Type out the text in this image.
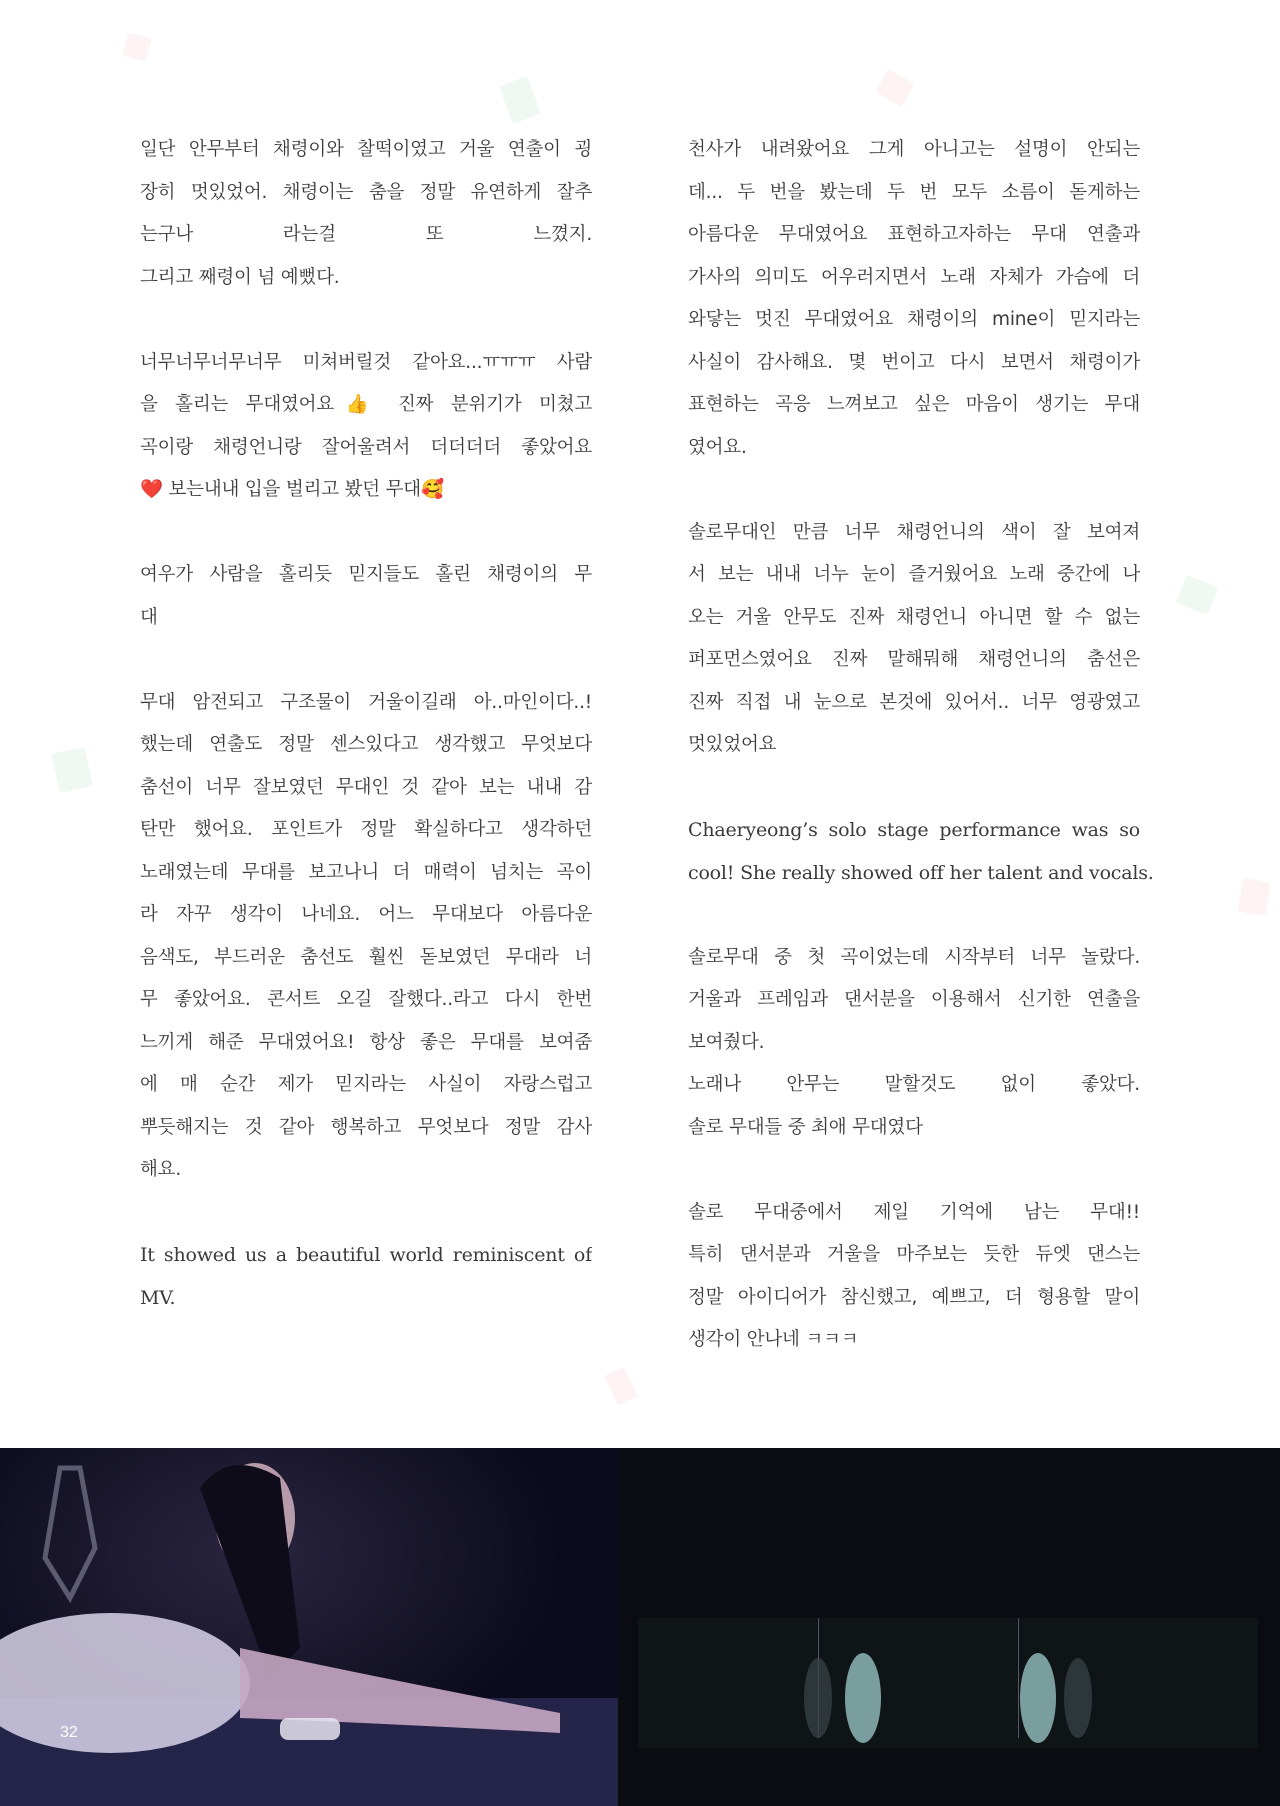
일단 안무부터 채령이와 찰떡이였고 거울 연출이 굉
장히 멋있었어. 채령이는 춤을 정말 유연하게 잘추
는구나 라는걸 또 느꼈지.
그리고 째령이 넘 예뻤다.
너무너무너무너무 미쳐버릴것 같아요...ㅠㅠㅠ 사람
을 홀리는 무대였어요👍 진짜 분위기가 미쳤고
곡이랑 채령언니랑 잘어울려서 더더더더 좋았어요
❤️ 보는내내 입을 벌리고 봤던 무대🥰
여우가 사람을 홀리듯 믿지들도 홀린 채령이의 무
대
무대 암전되고 구조물이 거울이길래 아..마인이다..!
했는데 연출도 정말 센스있다고 생각했고 무엇보다
춤선이 너무 잘보였던 무대인 것 같아 보는 내내 감
탄만 했어요. 포인트가 정말 확실하다고 생각하던
노래였는데 무대를 보고나니 더 매력이 넘치는 곡이
라 자꾸 생각이 나네요. 어느 무대보다 아름다운
음색도, 부드러운 춤선도 훨씬 돋보였던 무대라 너
무 좋았어요. 콘서트 오길 잘했다..라고 다시 한번
느끼게 해준 무대였어요! 항상 좋은 무대를 보여줌
에 매 순간 제가 믿지라는 사실이 자랑스럽고
뿌듯해지는 것 같아 행복하고 무엇보다 정말 감사
해요.
It showed us a beautiful world reminiscent of
MV.
천사가 내려왔어요 그게 아니고는 설명이 안되는
데... 두 번을 봤는데 두 번 모두 소름이 돋게하는
아름다운 무대였어요 표현하고자하는 무대 연출과
가사의 의미도 어우러지면서 노래 자체가 가슴에 더
와닿는 멋진 무대였어요 채령이의 mine이 믿지라는
사실이 감사해요. 몇 번이고 다시 보면서 채령이가
표현하는 곡응 느껴보고 싶은 마음이 생기는 무대
였어요.
솔로무대인 만큼 너무 채령언니의 색이 잘 보여져
서 보는 내내 너누 눈이 즐거웠어요 노래 중간에 나
오는 거울 안무도 진짜 채령언니 아니면 할 수 없는
퍼포먼스였어요 진짜 말해뭐해 채령언니의 춤선은
진짜 직접 내 눈으로 본것에 있어서.. 너무 영광였고
멋있었어요
Chaeryeong’s solo stage performance was so
cool! She really showed off her talent and vocals.
솔로무대 중 첫 곡이었는데 시작부터 너무 놀랐다.
거울과 프레임과 댄서분을 이용해서 신기한 연출을
보여줬다.
노래나 안무는 말할것도 없이 좋았다.
솔로 무대들 중 최애 무대였다
솔로 무대중에서 제일 기억에 남는 무대!!
특히 댄서분과 거울을 마주보는 듯한 듀엣 댄스는
정말 아이디어가 참신했고, 예쁘고, 더 형용할 말이
생각이 안나네 ㅋㅋㅋ
32
